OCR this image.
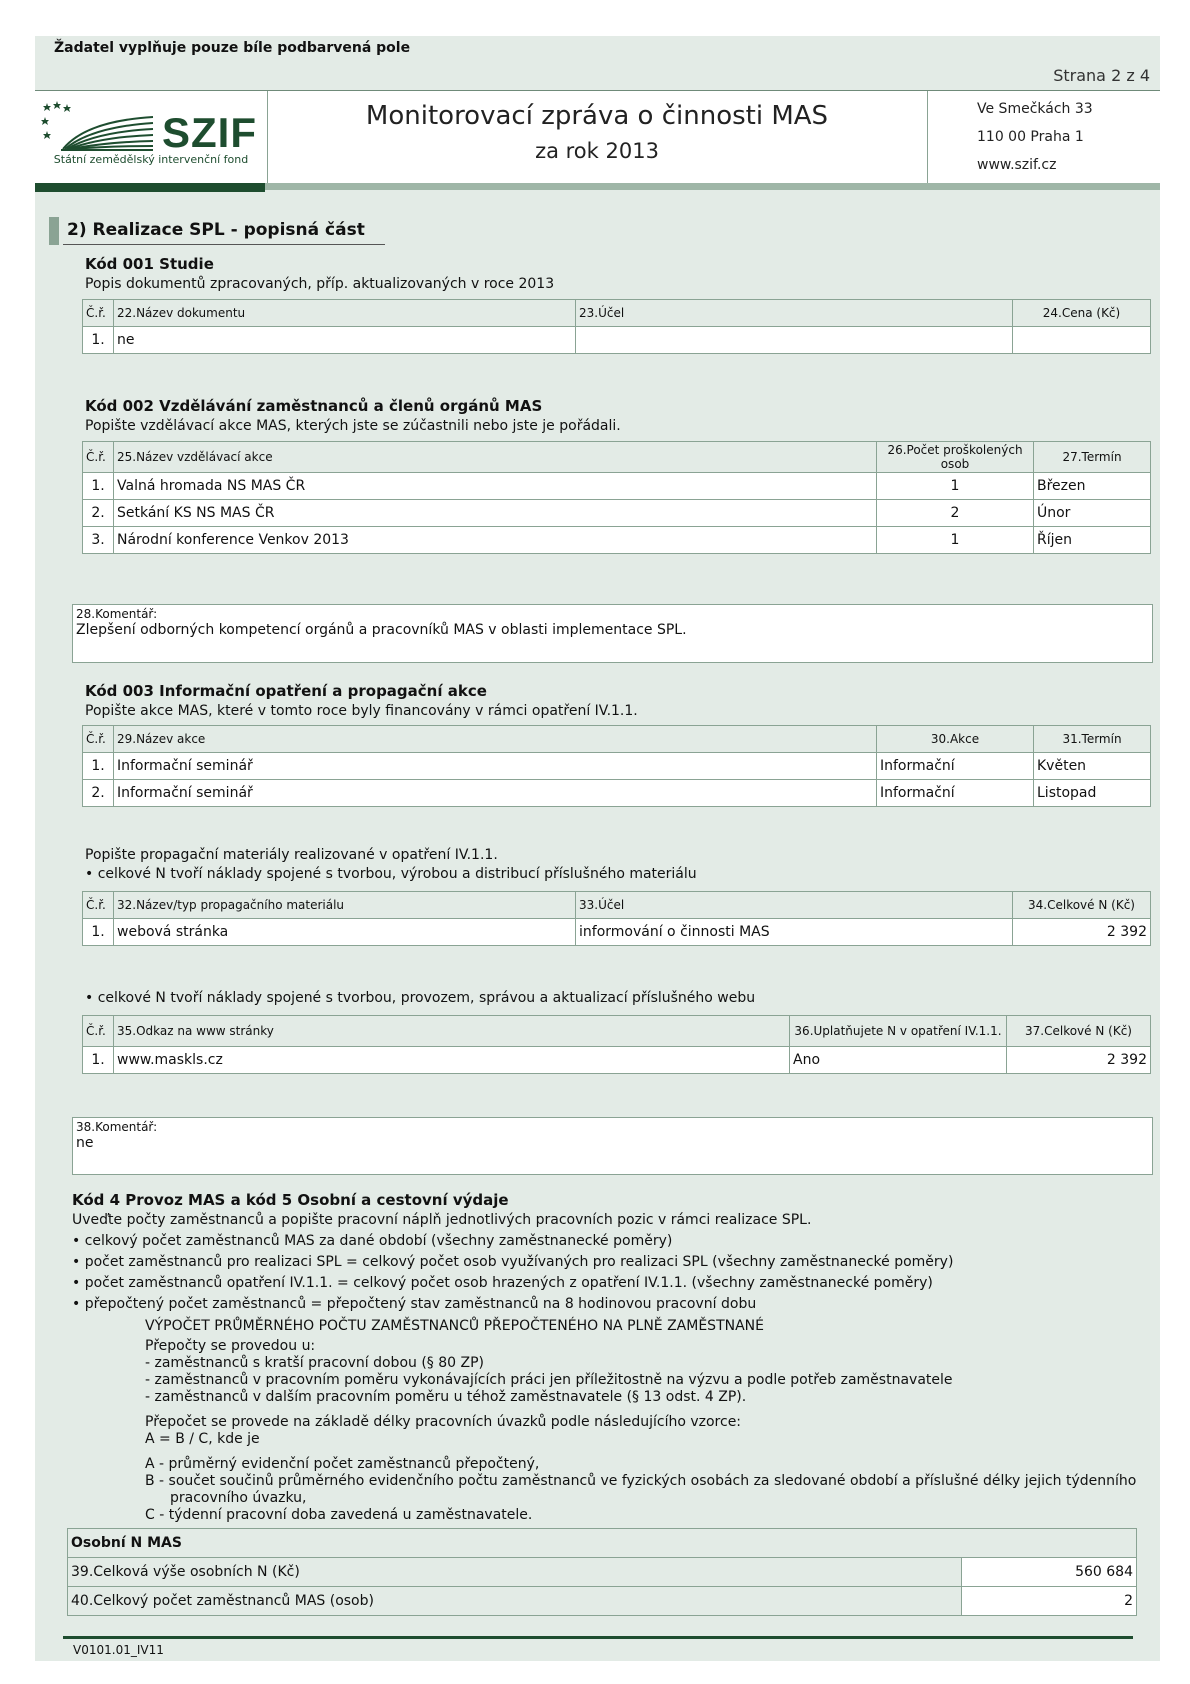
Žadatel vyplňuje pouze bíle podbarvená pole
Strana 2 z 4
SZIF
Státní zemědělský intervenční fond
Monitorovací zpráva o činnosti MAS
za rok 2013
Ve Smečkách 33
110 00 Praha 1
www.szif.cz
2) Realizace SPL - popisná část
Kód 001 Studie
Popis dokumentů zpracovaných, příp. aktualizovaných v roce 2013
Č.ř.	22.Název dokumentu	23.Účel	24.Cena (Kč)
1.	ne		
Kód 002 Vzdělávání zaměstnanců a členů orgánů MAS
Popište vzdělávací akce MAS, kterých jste se zúčastnili nebo jste je pořádali.
Č.ř.	25.Název vzdělávací akce	26.Počet proškolených osob	27.Termín
1.	Valná hromada NS MAS ČR	1	Březen
2.	Setkání KS NS MAS ČR	2	Únor
3.	Národní konference Venkov 2013	1	Říjen
28.Komentář:
Zlepšení odborných kompetencí orgánů a pracovníků MAS v oblasti implementace SPL.
Kód 003 Informační opatření a propagační akce
Popište akce MAS, které v tomto roce byly financovány v rámci opatření IV.1.1.
Č.ř.	29.Název akce	30.Akce	31.Termín
1.	Informační seminář	Informační	Květen
2.	Informační seminář	Informační	Listopad
Popište propagační materiály realizované v opatření IV.1.1.
• celkové N tvoří náklady spojené s tvorbou, výrobou a distribucí příslušného materiálu
Č.ř.	32.Název/typ propagačního materiálu	33.Účel	34.Celkové N (Kč)
1.	webová stránka	informování o činnosti MAS	2 392
• celkové N tvoří náklady spojené s tvorbou, provozem, správou a aktualizací příslušného webu
Č.ř.	35.Odkaz na www stránky	36.Uplatňujete N v opatření IV.1.1.	37.Celkové N (Kč)
1.	www.maskls.cz	Ano	2 392
38.Komentář:
ne
Kód 4 Provoz MAS a kód 5 Osobní a cestovní výdaje
Uveďte počty zaměstnanců a popište pracovní náplň jednotlivých pracovních pozic v rámci realizace SPL.
• celkový počet zaměstnanců MAS za dané období (všechny zaměstnanecké poměry)
• počet zaměstnanců pro realizaci SPL = celkový počet osob využívaných pro realizaci SPL (všechny zaměstnanecké poměry)
• počet zaměstnanců opatření IV.1.1. = celkový počet osob hrazených z opatření IV.1.1. (všechny zaměstnanecké poměry)
• přepočtený počet zaměstnanců = přepočtený stav zaměstnanců na 8 hodinovou pracovní dobu
VÝPOČET PRŮMĚRNÉHO POČTU ZAMĚSTNANCŮ PŘEPOČTENÉHO NA PLNĚ ZAMĚSTNANÉ
Přepočty se provedou u:
- zaměstnanců s kratší pracovní dobou (§ 80 ZP)
- zaměstnanců v pracovním poměru vykonávajících práci jen příležitostně na výzvu a podle potřeb zaměstnavatele
- zaměstnanců v dalším pracovním poměru u téhož zaměstnavatele (§ 13 odst. 4 ZP).
Přepočet se provede na základě délky pracovních úvazků podle následujícího vzorce:
A = B / C, kde je
A - průměrný evidenční počet zaměstnanců přepočtený,
B - součet součinů průměrného evidenčního počtu zaměstnanců ve fyzických osobách za sledované období a příslušné délky jejich týdenního
pracovního úvazku,
C - týdenní pracovní doba zavedená u zaměstnavatele.
Osobní N MAS	
39.Celková výše osobních N (Kč)	560 684
40.Celkový počet zaměstnanců MAS (osob)	2
V0101.01_IV11
